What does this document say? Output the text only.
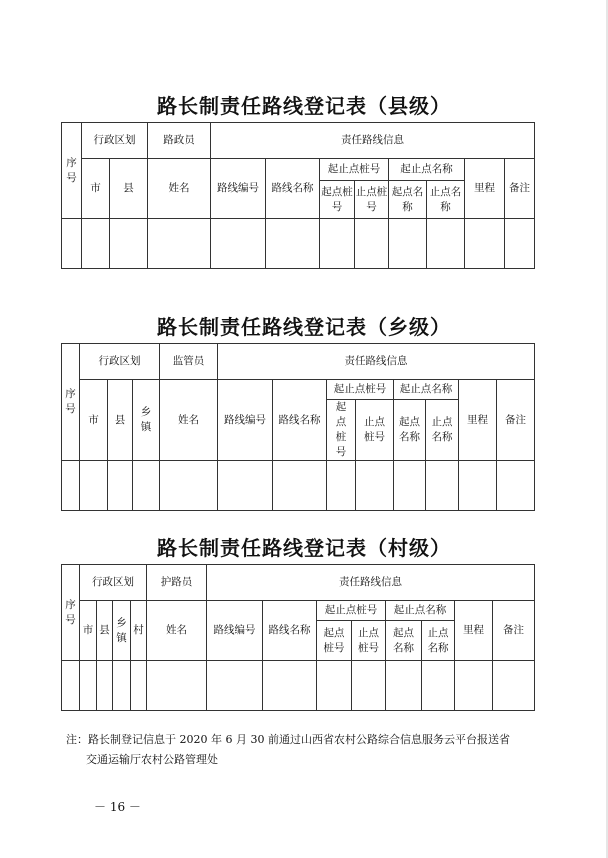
路长制责任路线登记表（县级）
序号	行政区划		路政员	责任路线信息							
	市	县	姓名	路线编号	路线名称	起止点桩号		起止点名称		里程	备注
						起点桩号	止点桩号	起点名称	止点名称		

路长制责任路线登记表（乡级）
序号	行政区划			监管员	责任路线信息							
	市	县	乡镇	姓名	路线编号	路线名称	起止点桩号		起止点名称		里程	备注
							起点桩号	止点桩号	起点名称	止点名称		

路长制责任路线登记表（村级）
序号	行政区划				护路员	责任路线信息							
	市	县	乡镇	村	姓名	路线编号	路线名称	起止点桩号		起止点名称		里程	备注
								起点桩号	止点桩号	起点名称	止点名称		

注：路长制登记信息于 2020 年 6 月 30 前通过山西省农村公路综合信息服务云平台报送省
交通运输厅农村公路管理处
－ 16 －
